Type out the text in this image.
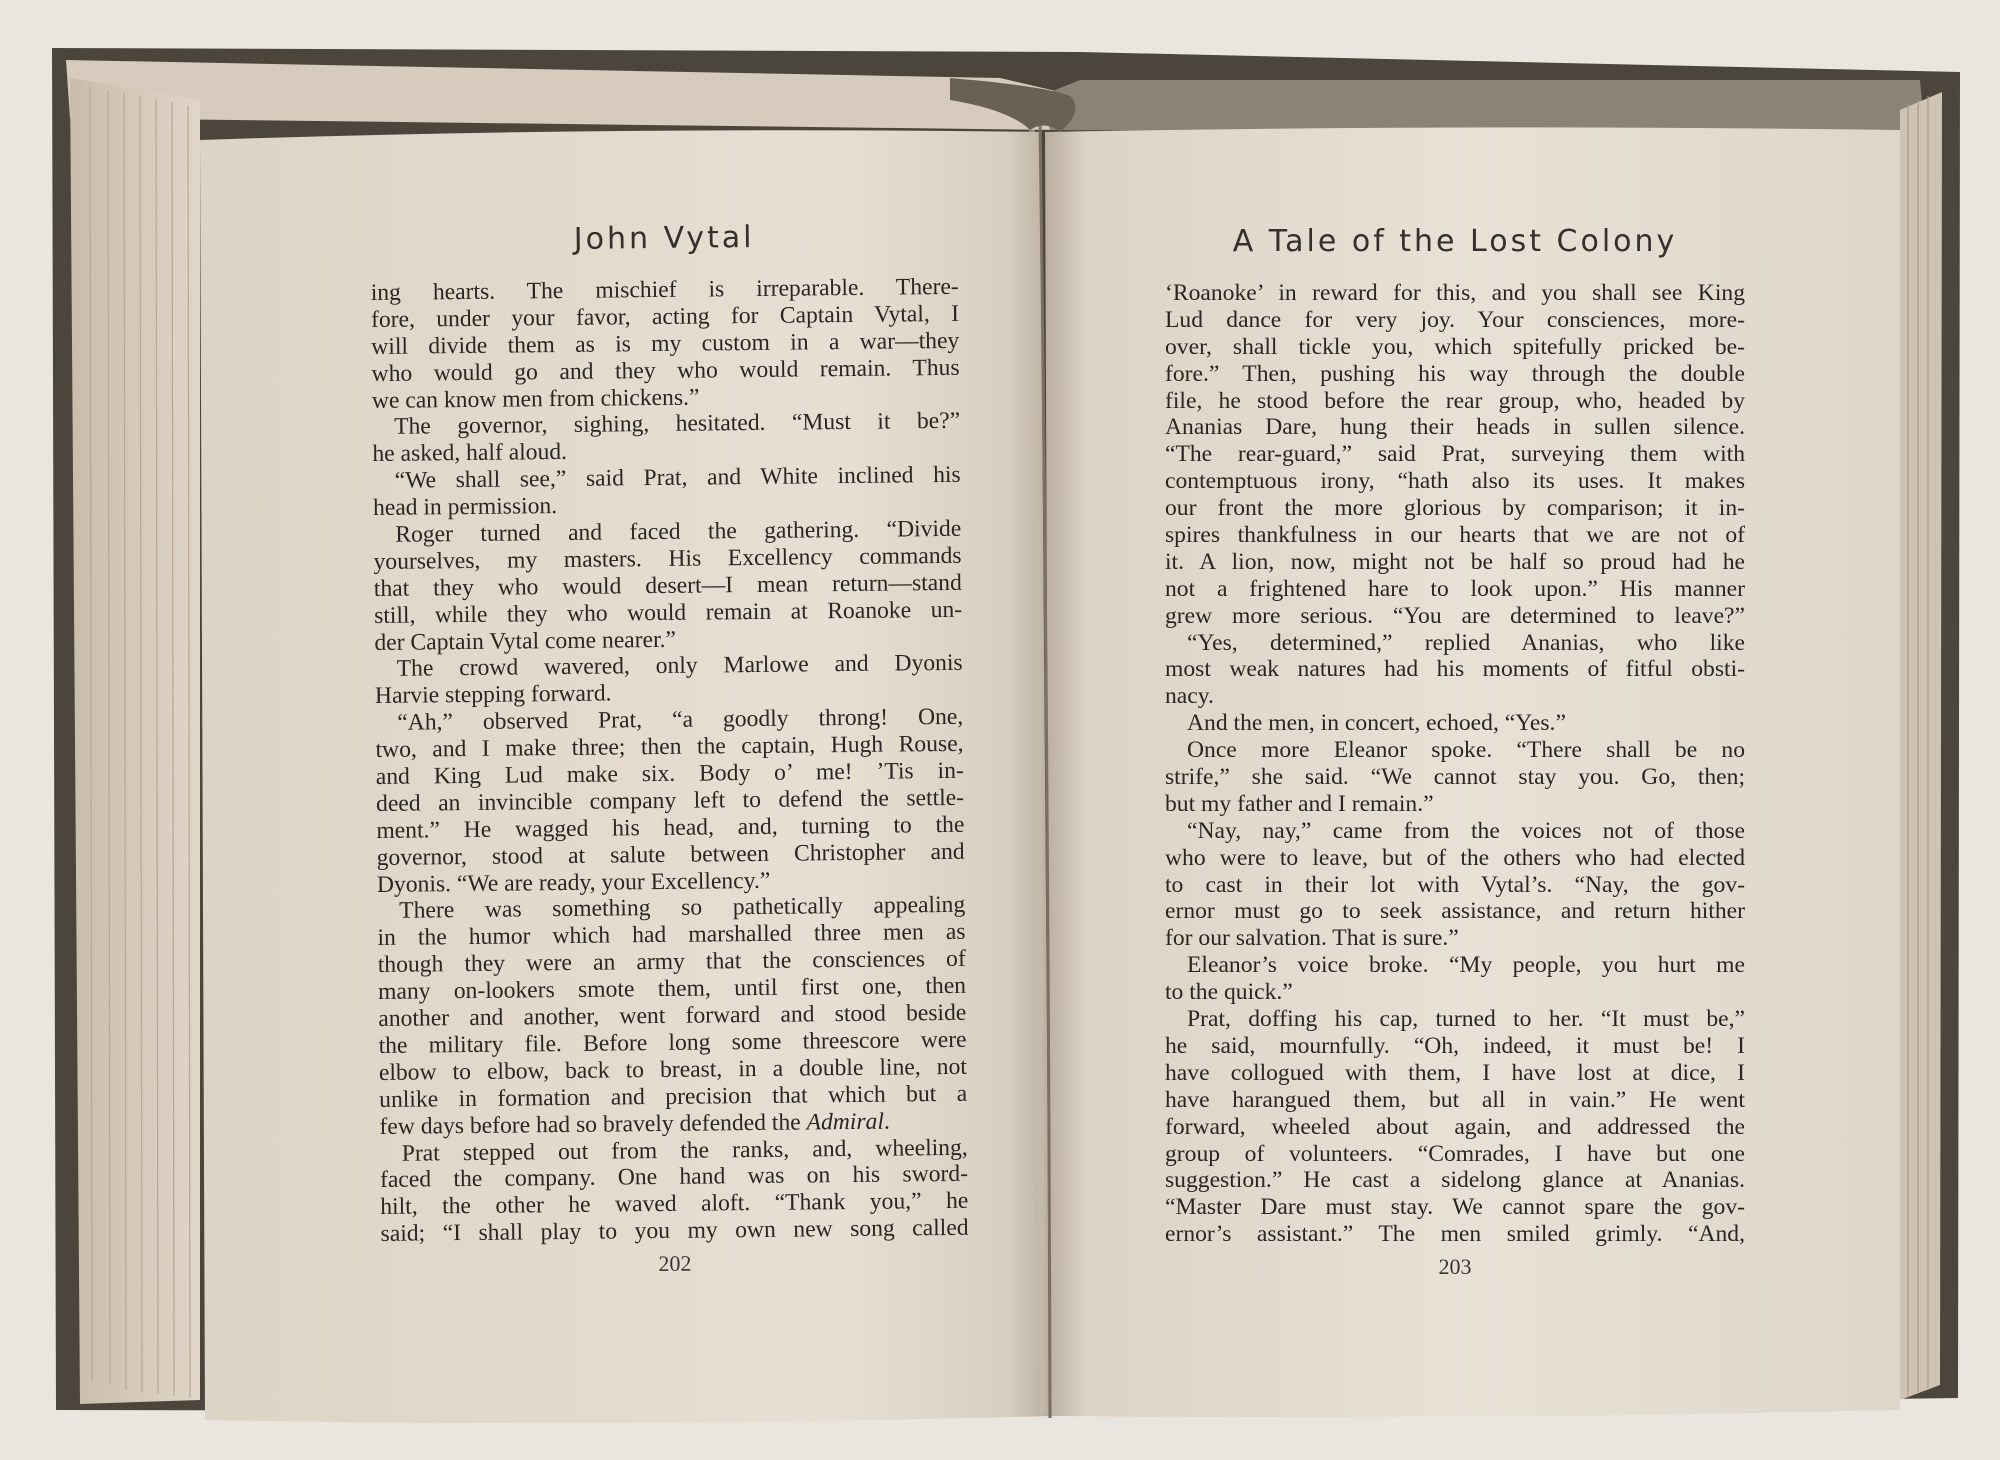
John Vytal
ing hearts. The mischief is irreparable. There-
fore, under your favor, acting for Captain Vytal, I
will divide them as is my custom in a war—they
who would go and they who would remain. Thus
we can know men from chickens.”
The governor, sighing, hesitated. “Must it be?”
he asked, half aloud.
“We shall see,” said Prat, and White inclined his
head in permission.
Roger turned and faced the gathering. “Divide
yourselves, my masters. His Excellency commands
that they who would desert—I mean return—stand
still, while they who would remain at Roanoke un-
der Captain Vytal come nearer.”
The crowd wavered, only Marlowe and Dyonis
Harvie stepping forward.
“Ah,” observed Prat, “a goodly throng! One,
two, and I make three; then the captain, Hugh Rouse,
and King Lud make six. Body o’ me! ’Tis in-
deed an invincible company left to defend the settle-
ment.” He wagged his head, and, turning to the
governor, stood at salute between Christopher and
Dyonis. “We are ready, your Excellency.”
There was something so pathetically appealing
in the humor which had marshalled three men as
though they were an army that the consciences of
many on-lookers smote them, until first one, then
another and another, went forward and stood beside
the military file. Before long some threescore were
elbow to elbow, back to breast, in a double line, not
unlike in formation and precision that which but a
few days before had so bravely defended the Admiral.
Prat stepped out from the ranks, and, wheeling,
faced the company. One hand was on his sword-
hilt, the other he waved aloft. “Thank you,” he
said; “I shall play to you my own new song called
202
A Tale of the Lost Colony
‘Roanoke’ in reward for this, and you shall see King
Lud dance for very joy. Your consciences, more-
over, shall tickle you, which spitefully pricked be-
fore.” Then, pushing his way through the double
file, he stood before the rear group, who, headed by
Ananias Dare, hung their heads in sullen silence.
“The rear-guard,” said Prat, surveying them with
contemptuous irony, “hath also its uses. It makes
our front the more glorious by comparison; it in-
spires thankfulness in our hearts that we are not of
it. A lion, now, might not be half so proud had he
not a frightened hare to look upon.” His manner
grew more serious. “You are determined to leave?”
“Yes, determined,” replied Ananias, who like
most weak natures had his moments of fitful obsti-
nacy.
And the men, in concert, echoed, “Yes.”
Once more Eleanor spoke. “There shall be no
strife,” she said. “We cannot stay you. Go, then;
but my father and I remain.”
“Nay, nay,” came from the voices not of those
who were to leave, but of the others who had elected
to cast in their lot with Vytal’s. “Nay, the gov-
ernor must go to seek assistance, and return hither
for our salvation. That is sure.”
Eleanor’s voice broke. “My people, you hurt me
to the quick.”
Prat, doffing his cap, turned to her. “It must be,”
he said, mournfully. “Oh, indeed, it must be! I
have collogued with them, I have lost at dice, I
have harangued them, but all in vain.” He went
forward, wheeled about again, and addressed the
group of volunteers. “Comrades, I have but one
suggestion.” He cast a sidelong glance at Ananias.
“Master Dare must stay. We cannot spare the gov-
ernor’s assistant.” The men smiled grimly. “And,
203
